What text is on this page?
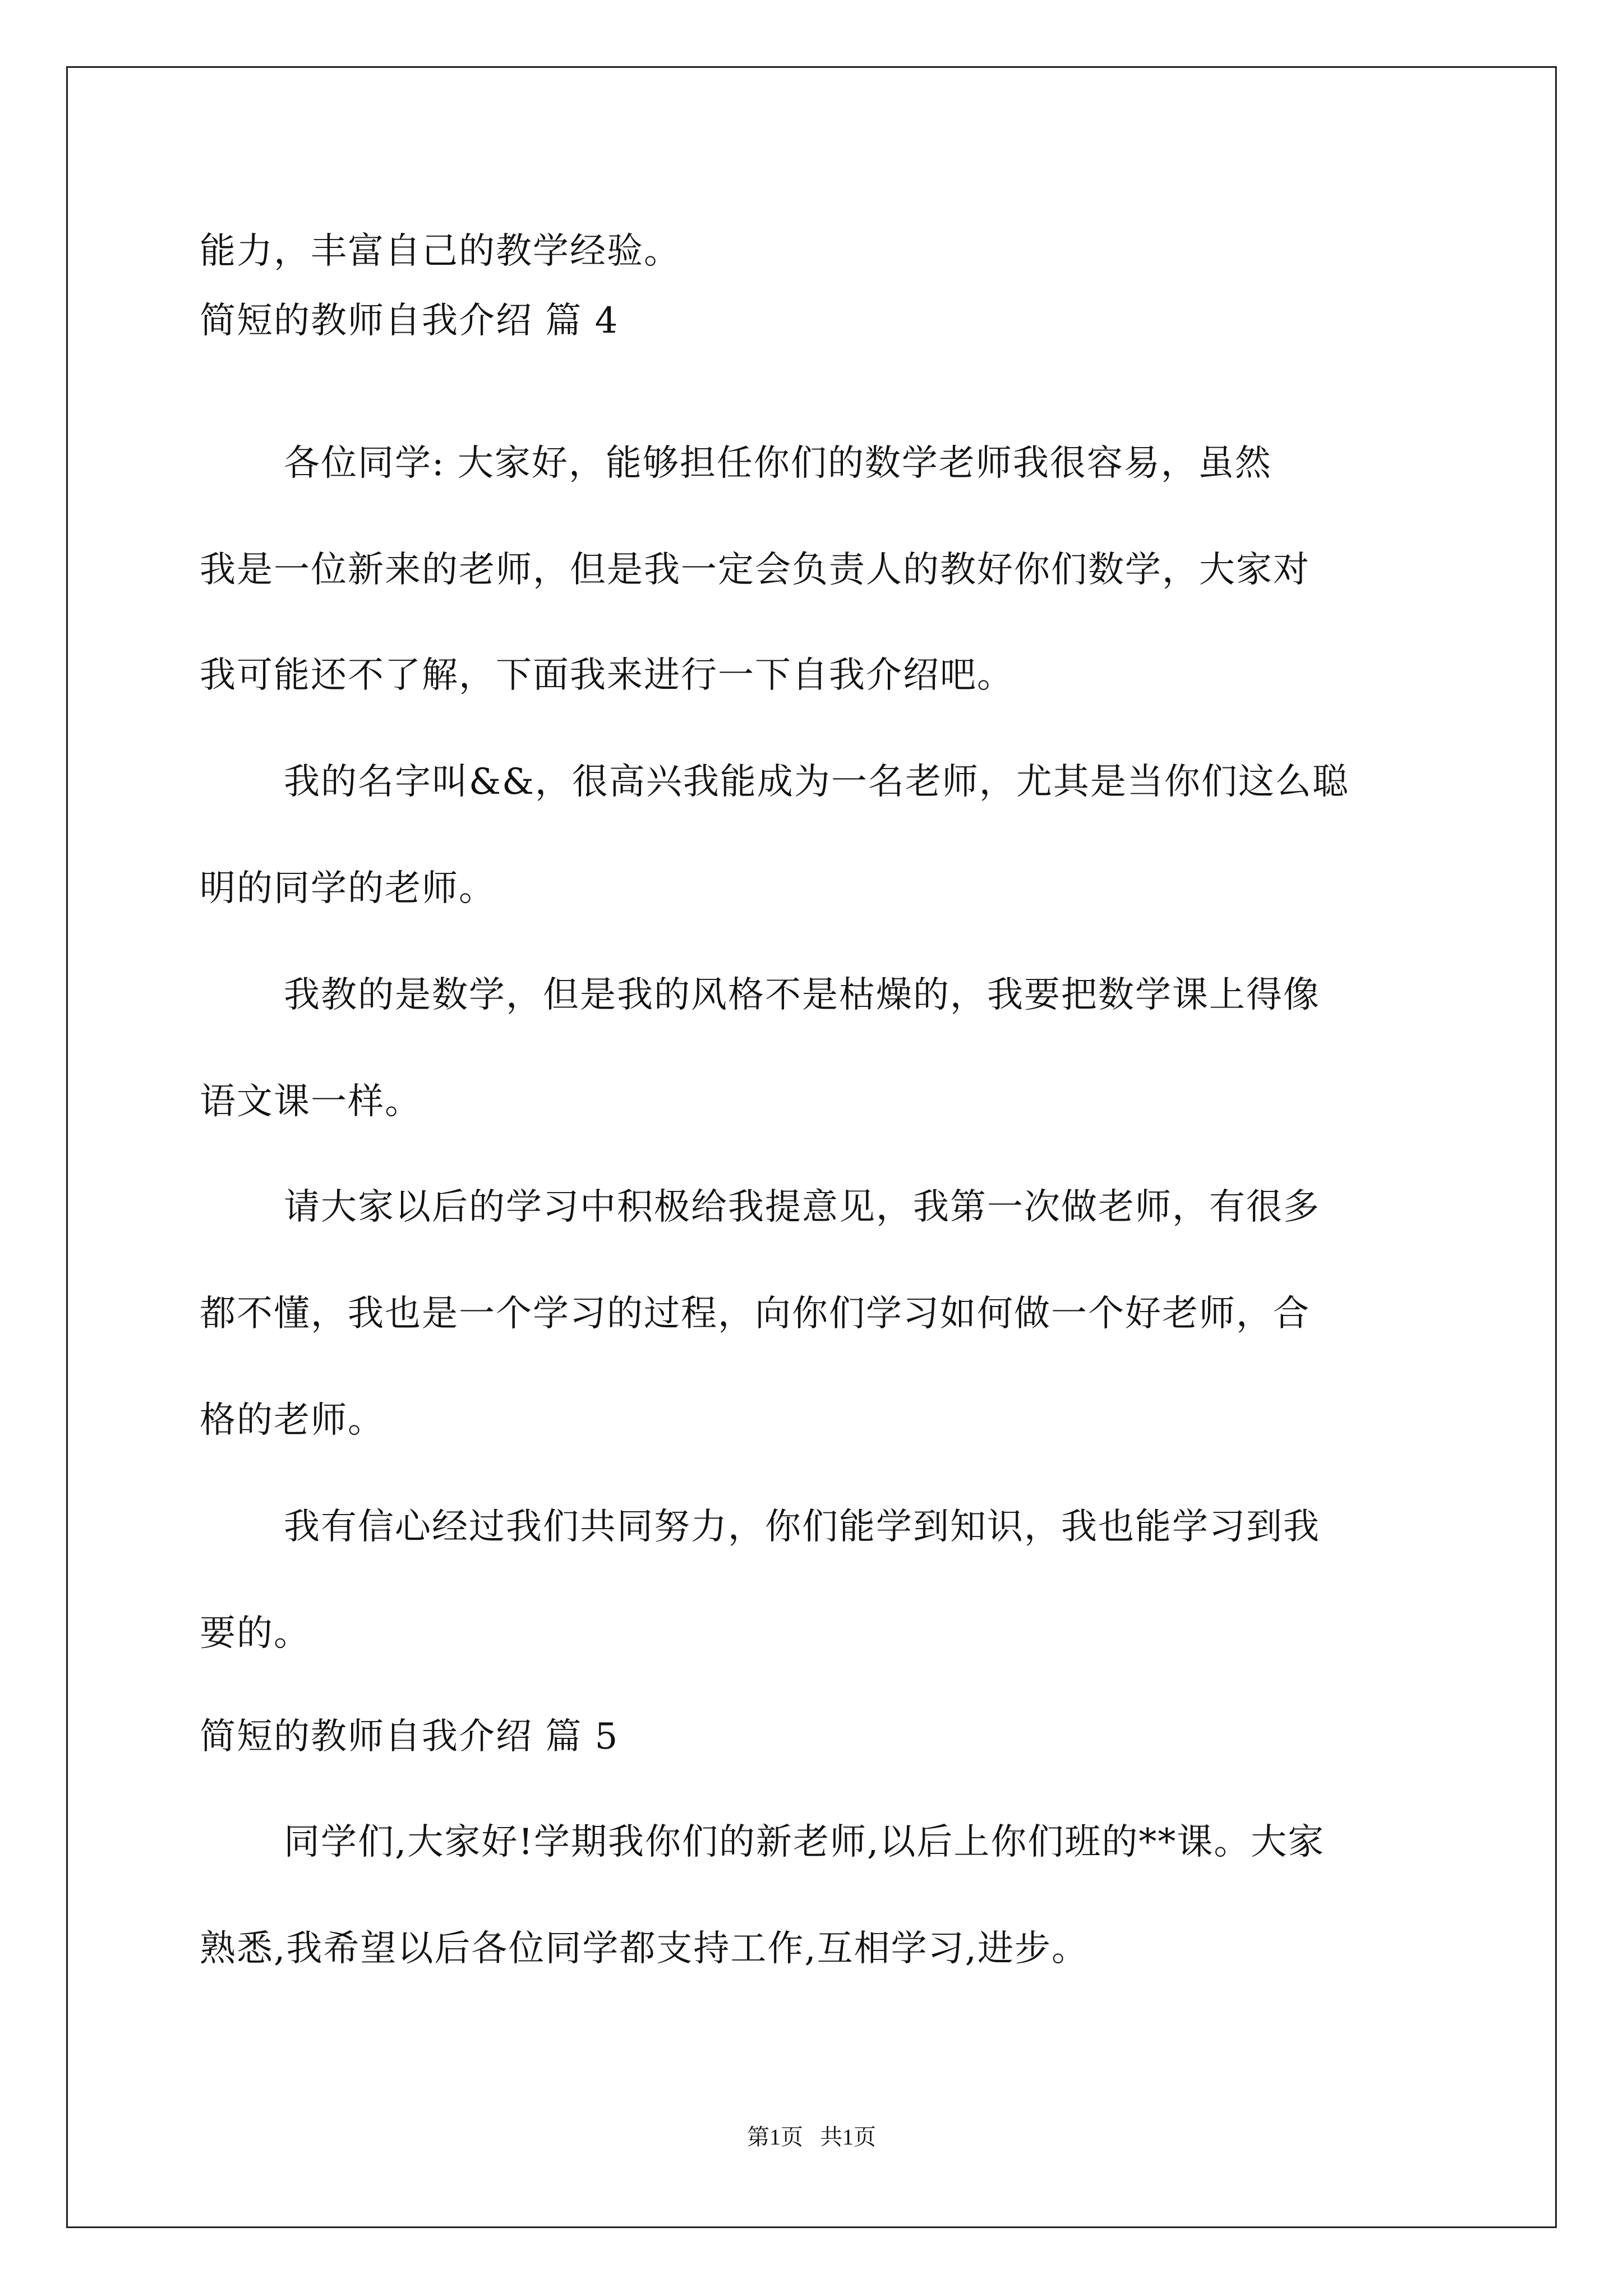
能力，丰富自己的教学经验。
简短的教师自我介绍 篇 4
各位同学: 大家好，能够担任你们的数学老师我很容易，虽然
我是一位新来的老师，但是我一定会负责人的教好你们数学，大家对
我可能还不了解，下面我来进行一下自我介绍吧。
我的名字叫&&，很高兴我能成为一名老师，尤其是当你们这么聪
明的同学的老师。
我教的是数学，但是我的风格不是枯燥的，我要把数学课上得像
语文课一样。
请大家以后的学习中积极给我提意见，我第一次做老师，有很多
都不懂，我也是一个学习的过程，向你们学习如何做一个好老师，合
格的老师。
我有信心经过我们共同努力，你们能学到知识，我也能学习到我
要的。
简短的教师自我介绍 篇 5
同学们,大家好!学期我你们的新老师,以后上你们班的**课。大家
熟悉,我希望以后各位同学都支持工作,互相学习,进步。
第1页   共1页
